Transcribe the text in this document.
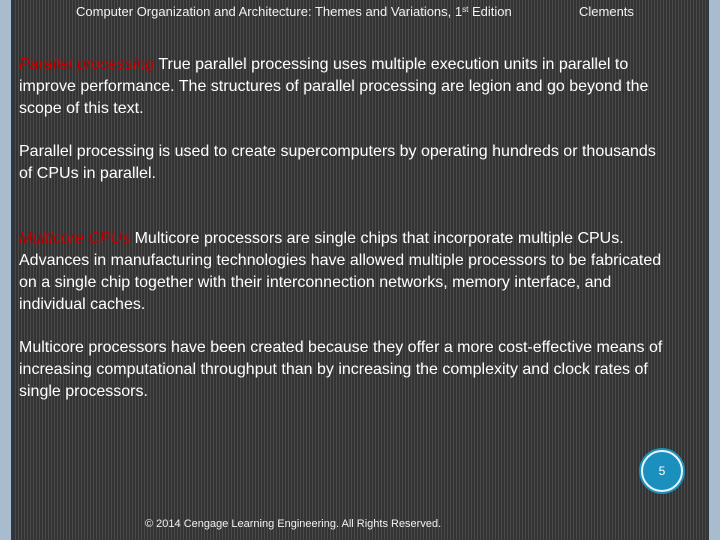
Computer Organization and Architecture: Themes and Variations, 1st Edition	Clements

Parallel processing True parallel processing uses multiple execution units in parallel to improve performance. The structures of parallel processing are legion and go beyond the scope of this text.

Parallel processing is used to create supercomputers by operating hundreds or thousands of CPUs in parallel.

Multicore CPUs Multicore processors are single chips that incorporate multiple CPUs. Advances in manufacturing technologies have allowed multiple processors to be fabricated on a single chip together with their interconnection networks, memory interface, and individual caches.

Multicore processors have been created because they offer a more cost-effective means of increasing computational throughput than by increasing the complexity and clock rates of single processors.

5
© 2014 Cengage Learning Engineering. All Rights Reserved.
